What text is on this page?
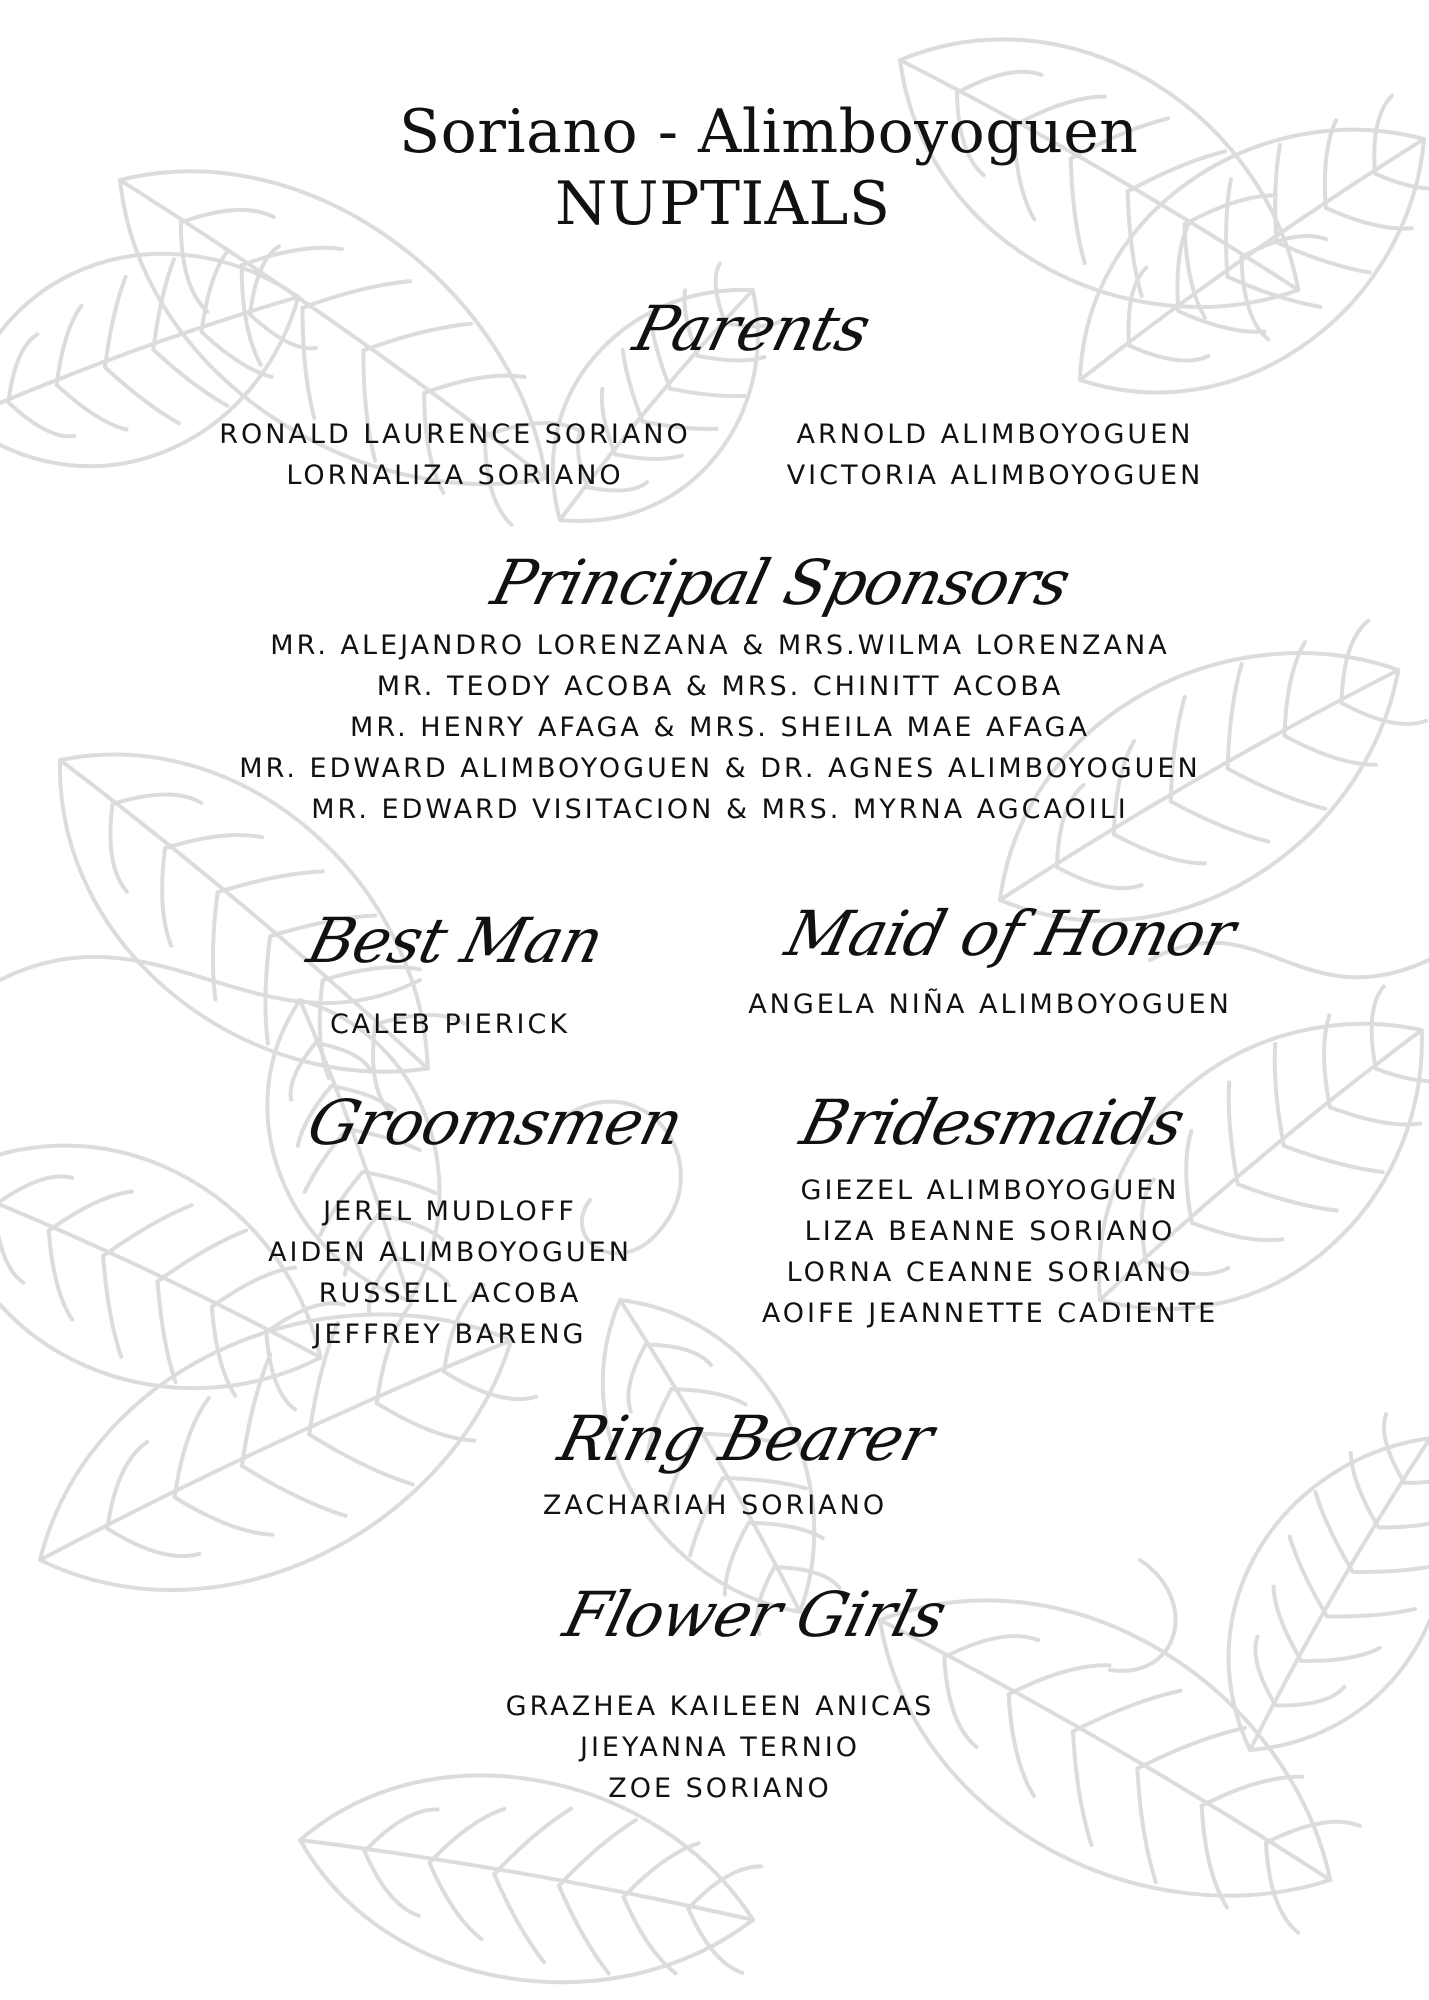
Soriano - Alimboyoguen
NUPTIALS
Parents
RONALD LAURENCE SORIANO
LORNALIZA SORIANO
ARNOLD ALIMBOYOGUEN
VICTORIA ALIMBOYOGUEN
Principal Sponsors
MR. ALEJANDRO LORENZANA & MRS.WILMA LORENZANA
MR. TEODY ACOBA & MRS. CHINITT ACOBA
MR. HENRY AFAGA & MRS. SHEILA MAE AFAGA
MR. EDWARD ALIMBOYOGUEN & DR. AGNES ALIMBOYOGUEN
MR. EDWARD VISITACION & MRS. MYRNA AGCAOILI
Best Man
CALEB PIERICK
Maid of Honor
ANGELA NIÑA ALIMBOYOGUEN
Groomsmen
JEREL MUDLOFF
AIDEN ALIMBOYOGUEN
RUSSELL ACOBA
JEFFREY BARENG
Bridesmaids
GIEZEL ALIMBOYOGUEN
LIZA BEANNE SORIANO
LORNA CEANNE SORIANO
AOIFE JEANNETTE CADIENTE
Ring Bearer
ZACHARIAH SORIANO
Flower Girls
GRAZHEA KAILEEN ANICAS
JIEYANNA TERNIO
ZOE SORIANO
